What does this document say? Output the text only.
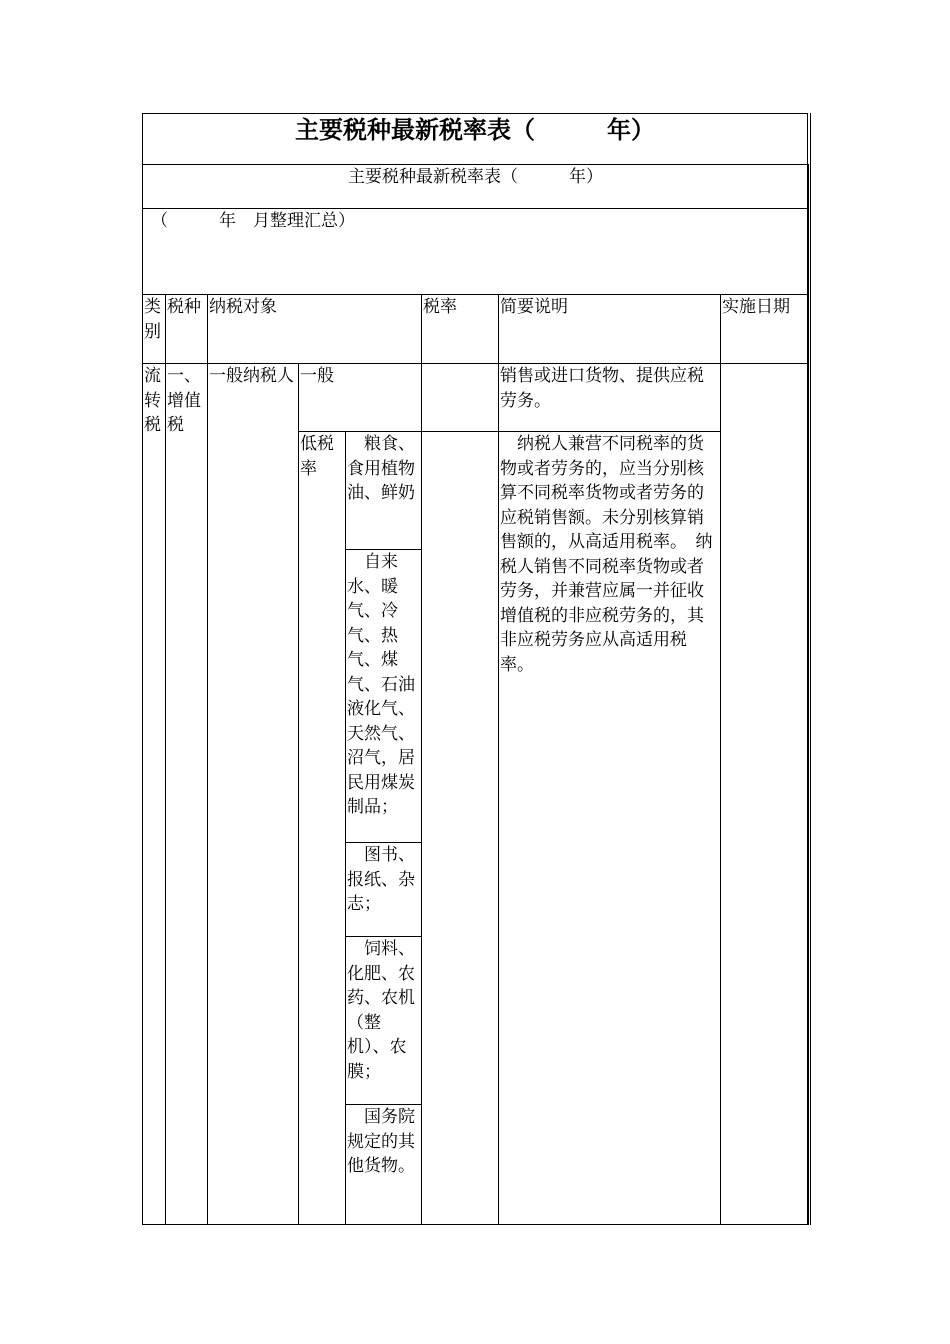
主要税种最新税率表（　　　年）
主要税种最新税率表（　　　年）							
（　　　年　月整理汇总）							
类别	税种	纳税对象			税率	简要说明	实施日期
流转税	一、增值税	一般纳税人	一般			销售或进口货物、提供应税劳务。	
			低税率	粮食、食用植物油、鲜奶		纳税人兼营不同税率的货物或者劳务的，应当分别核算不同税率货物或者劳务的应税销售额。未分别核算销售额的，从高适用税率。　纳税人销售不同税率货物或者劳务，并兼营应属一并征收增值税的非应税劳务的，其非应税劳务应从高适用税率。	
				自来水、暖气、冷气、热气、煤气、石油液化气、天然气、沼气，居民用煤炭制品；			
				图书、报纸、杂志；			
				饲料、化肥、农药、农机（整机）、农膜；			
				国务院规定的其他货物。			
